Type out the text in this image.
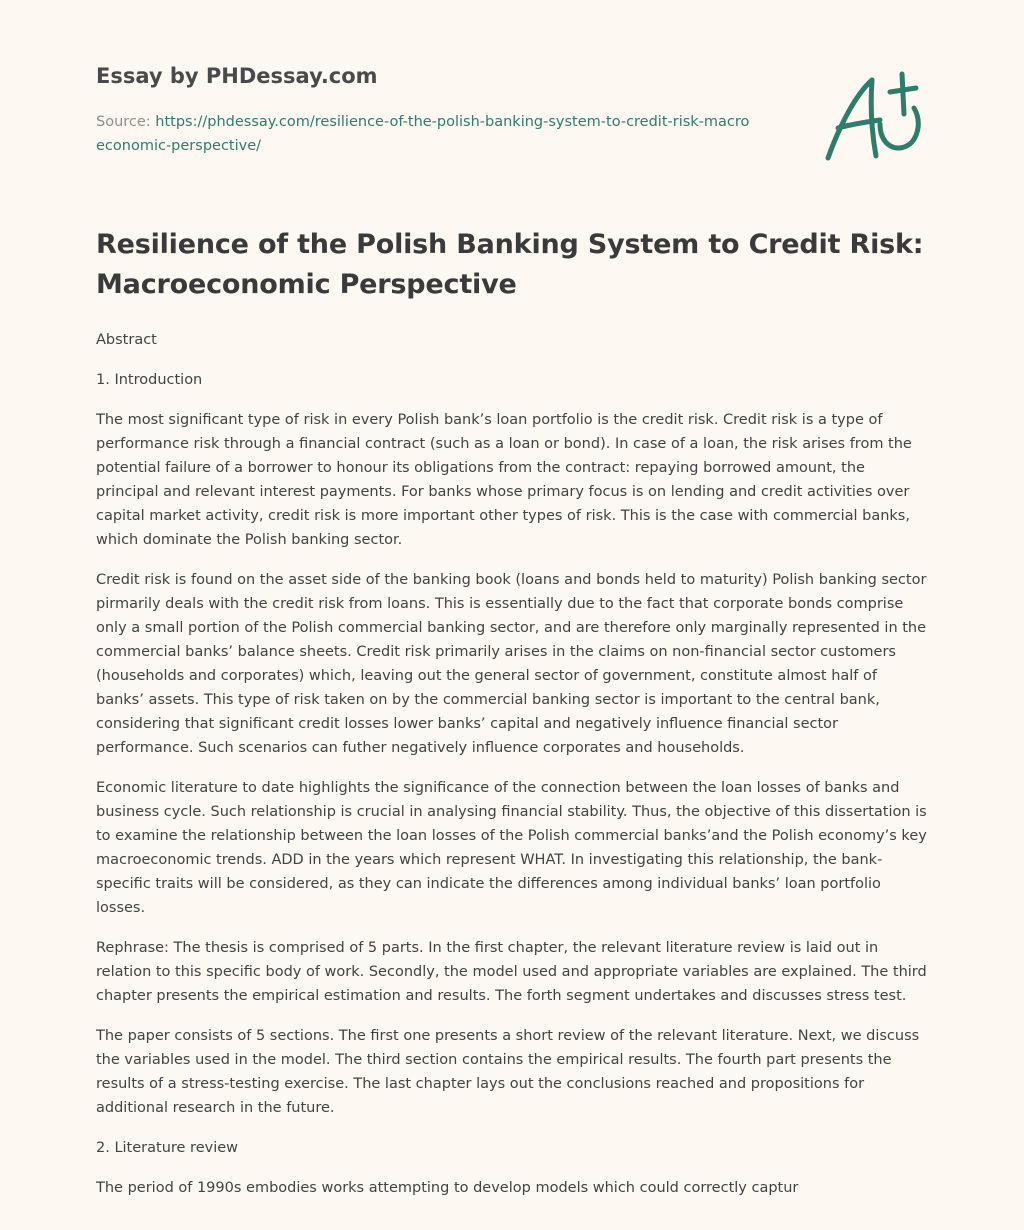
Essay by PHDessay.com
Source: https://phdessay.com/resilience-of-the-polish-banking-system-to-credit-risk-macroeconomic-perspective/
Resilience of the Polish Banking System to Credit Risk: Macroeconomic Perspective

Abstract

1. Introduction

The most significant type of risk in every Polish bank’s loan portfolio is the credit risk. Credit risk is a type of performance risk through a financial contract (such as a loan or bond). In case of a loan, the risk arises from the potential failure of a borrower to honour its obligations from the contract: repaying borrowed amount, the principal and relevant interest payments. For banks whose primary focus is on lending and credit activities over capital market activity, credit risk is more important other types of risk. This is the case with commercial banks, which dominate the Polish banking sector.

Credit risk is found on the asset side of the banking book (loans and bonds held to maturity) Polish banking sector pirmarily deals with the credit risk from loans. This is essentially due to the fact that corporate bonds comprise only a small portion of the Polish commercial banking sector, and are therefore only marginally represented in the commercial banks’ balance sheets. Credit risk primarily arises in the claims on non-financial sector customers (households and corporates) which, leaving out the general sector of government, constitute almost half of banks’ assets. This type of risk taken on by the commercial banking sector is important to the central bank, considering that significant credit losses lower banks’ capital and negatively influence financial sector performance. Such scenarios can futher negatively influence corporates and households.

Economic literature to date highlights the significance of the connection between the loan losses of banks and business cycle. Such relationship is crucial in analysing financial stability. Thus, the objective of this dissertation is to examine the relationship between the loan losses of the Polish commercial banks’and the Polish economy’s key macroeconomic trends. ADD in the years which represent WHAT. In investigating this relationship, the bank-specific traits will be considered, as they can indicate the differences among individual banks’ loan portfolio losses.

Rephrase: The thesis is comprised of 5 parts. In the first chapter, the relevant literature review is laid out in relation to this specific body of work. Secondly, the model used and appropriate variables are explained. The third chapter presents the empirical estimation and results. The forth segment undertakes and discusses stress test.

The paper consists of 5 sections. The first one presents a short review of the relevant literature. Next, we discuss the variables used in the model. The third section contains the empirical results. The fourth part presents the results of a stress-testing exercise. The last chapter lays out the conclusions reached and propositions for additional research in the future.

2. Literature review

The period of 1990s embodies works attempting to develop models which could correctly captur
